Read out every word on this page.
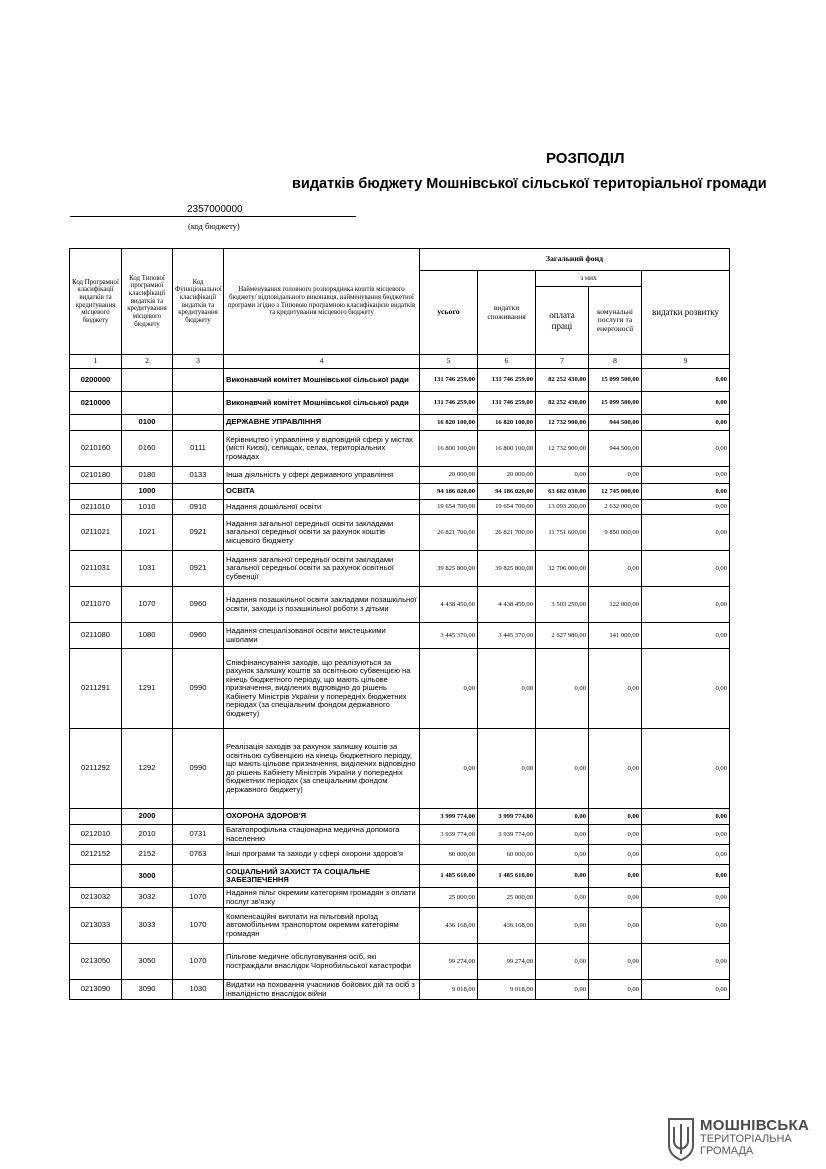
РОЗПОДІЛ
видатків бюджету Мошнівської сільської територіальної громади
2357000000
(код бюджету)
Код Програмної класифікації видатків та кредитування місцевого бюджету	Код Типової програмної класифікації видатків та кредитування місцевого бюджету	Код Функціональної класифікації видатків та кредитування бюджету	Найменування головного розпорядника коштів місцевого бюджету/ відповідального виконавця, найменування бюджетної програми згідно з Типовою програмною класифікацією видатків та кредитування місцевого бюджету	Загальний фонд				
				усього	видатки споживання	з них		видатки розвитку
						оплата праці	комунальні послуги та енергоносії	
1	2	3	4	5	6	7	8	9
0200000			Виконавчий комітет Мошнівської сільської ради	131 746 259,00	131 746 259,00	82 252 430,00	15 099 500,00	0,00
0210000			Виконавчий комітет Мошнівської сільської ради	131 746 259,00	131 746 259,00	82 252 430,00	15 099 500,00	0,00
	0100		ДЕРЖАВНЕ УПРАВЛІННЯ	16 820 100,00	16 820 100,00	12 732 900,00	944 500,00	0,00
0210160	0160	0111	Керівництво і управління у відповідній сфері у містах (місті Києві), селищах, селах, територіальних громадах	16 800 100,00	16 800 100,00	12 732 900,00	944 500,00	0,00
0210180	0180	0133	Інша діяльність у сфері державного управління	20 000,00	20 000,00	0,00	0,00	0,00
	1000		ОСВІТА	94 186 020,00	94 186 020,00	63 682 030,00	12 745 000,00	0,00
0211010	1010	0910	Надання дошкільної освіти	19 654 700,00	19 654 700,00	13 093 200,00	2 632 000,00	0,00
0211021	1021	0921	Надання загальної середньої освіти закладами загальної середньої освіти за рахунок коштів місцевого бюджету	26 821 700,00	26 821 700,00	11 751 600,00	9 850 000,00	0,00
0211031	1031	0921	Надання загальної середньої освіти закладами загальної середньої освіти за рахунок освітньої субвенції	39 825 800,00	39 825 800,00	32 706 000,00	0,00	0,00
0211070	1070	0960	Надання позашкільної освіти закладами позашкільної освіти, заходи із позашкільної роботи з дітьми	4 438 450,00	4 438 450,00	3 503 250,00	122 000,00	0,00
0211080	1080	0960	Надання спеціалізованої освіти мистецькими школами	3 445 370,00	3 445 370,00	2 627 980,00	141 000,00	0,00
0211291	1291	0990	Співфінансування заходів, що реалізуються за рахунок залишку коштів за освітньою субвенцією на кінець бюджетного періоду, що мають цільове призначення, виділених відповідно до рішень Кабінету Міністрів України у попередніх бюджетних періодах (за спеціальним фондом державного бюджету)	0,00	0,00	0,00	0,00	0,00
0211292	1292	0990	Реалізація заходів за рахунок залишку коштів за освітньою субвенцією на кінець бюджетного періоду, що мають цільове призначення, виділених відповідно до рішень Кабінету Міністрів України у попередніх бюджетних періодах (за спеціальним фондом державного бюджету)	0,00	0,00	0,00	0,00	0,00
	2000		ОХОРОНА ЗДОРОВ'Я	3 999 774,00	3 999 774,00	0,00	0,00	0,00
0212010	2010	0731	Багатопрофільна стаціонарна медична допомога населенню	3 939 774,00	3 939 774,00	0,00	0,00	0,00
0212152	2152	0763	Інші програми та заходи у сфері охорони здоров’я	60 000,00	60 000,00	0,00	0,00	0,00
	3000		СОЦІАЛЬНИЙ ЗАХИСТ ТА СОЦІАЛЬНЕ ЗАБЕЗПЕЧЕННЯ	1 485 610,00	1 485 610,00	0,00	0,00	0,00
0213032	3032	1070	Надання пільг окремим категоріям громадян з оплати послуг зв'язку	25 000,00	25 000,00	0,00	0,00	0,00
0213033	3033	1070	Компенсаційні виплати на пільговий проїзд автомобільним транспортом окремим категоріям громадян	436 168,00	436 168,00	0,00	0,00	0,00
0213050	3050	1070	Пільгове медичне обслуговування осіб, які постраждали внаслідок Чорнобильської катастрофи	99 274,00	99 274,00	0,00	0,00	0,00
0213090	3090	1030	Видатки на поховання учасників бойових дій та осіб з інвалідністю внаслідок війни	9 018,00	9 018,00	0,00	0,00	0,00
МОШНІВСЬКА
ТЕРИТОРІАЛЬНА
ГРОМАДА
